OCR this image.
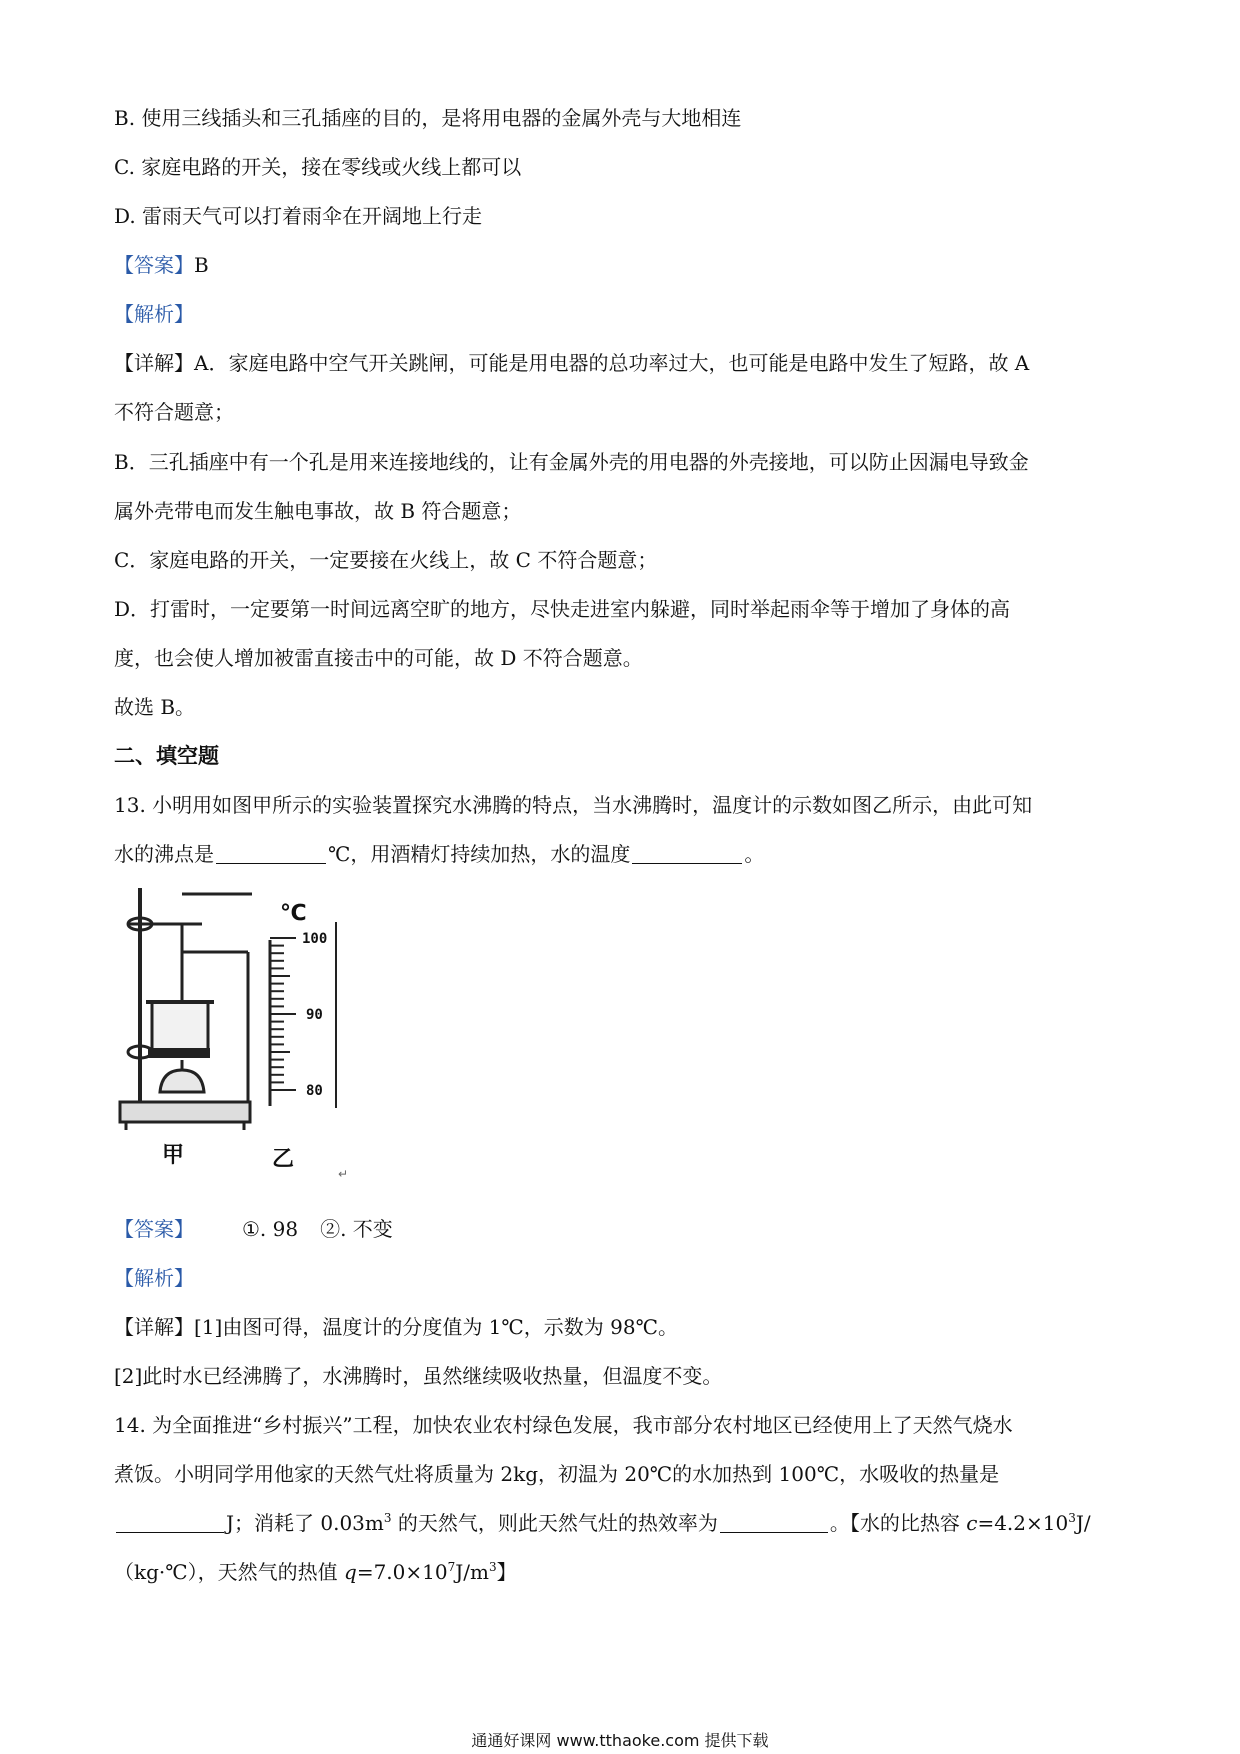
B. 使用三线插头和三孔插座的目的，是将用电器的金属外壳与大地相连
C. 家庭电路的开关，接在零线或火线上都可以
D. 雷雨天气可以打着雨伞在开阔地上行走
【答案】B
【解析】
【详解】A．家庭电路中空气开关跳闸，可能是用电器的总功率过大，也可能是电路中发生了短路，故 A
不符合题意；
B．三孔插座中有一个孔是用来连接地线的，让有金属外壳的用电器的外壳接地，可以防止因漏电导致金
属外壳带电而发生触电事故，故 B 符合题意；
C．家庭电路的开关，一定要接在火线上，故 C 不符合题意；
D．打雷时，一定要第一时间远离空旷的地方，尽快走进室内躲避，同时举起雨伞等于增加了身体的高
度，也会使人增加被雷直接击中的可能，故 D 不符合题意。
故选 B。
二、填空题
13. 小明用如图甲所示的实验装置探究水沸腾的特点，当水沸腾时，温度计的示数如图乙所示，由此可知
水的沸点是	℃，用酒精灯持续加热，水的温度	。
℃
100
90
80
甲	乙
↵
【答案】 ①. 98 ②. 不变
【解析】
【详解】[1]由图可得，温度计的分度值为 1℃，示数为 98℃。
[2]此时水已经沸腾了，水沸腾时，虽然继续吸收热量，但温度不变。
14. 为全面推进“乡村振兴”工程，加快农业农村绿色发展，我市部分农村地区已经使用上了天然气烧水
煮饭。小明同学用他家的天然气灶将质量为 2kg，初温为 20℃的水加热到 100℃，水吸收的热量是
J；消耗了 $0.03m^3$ 的天然气，则此天然气灶的热效率为	。【水的比热容 $c=4.2\times 10^3J/$
（kg·℃），天然气的热值 $q=7.0\times 10^7J/m^3$】
通通好课网 www.tthaoke.com 提供下载
